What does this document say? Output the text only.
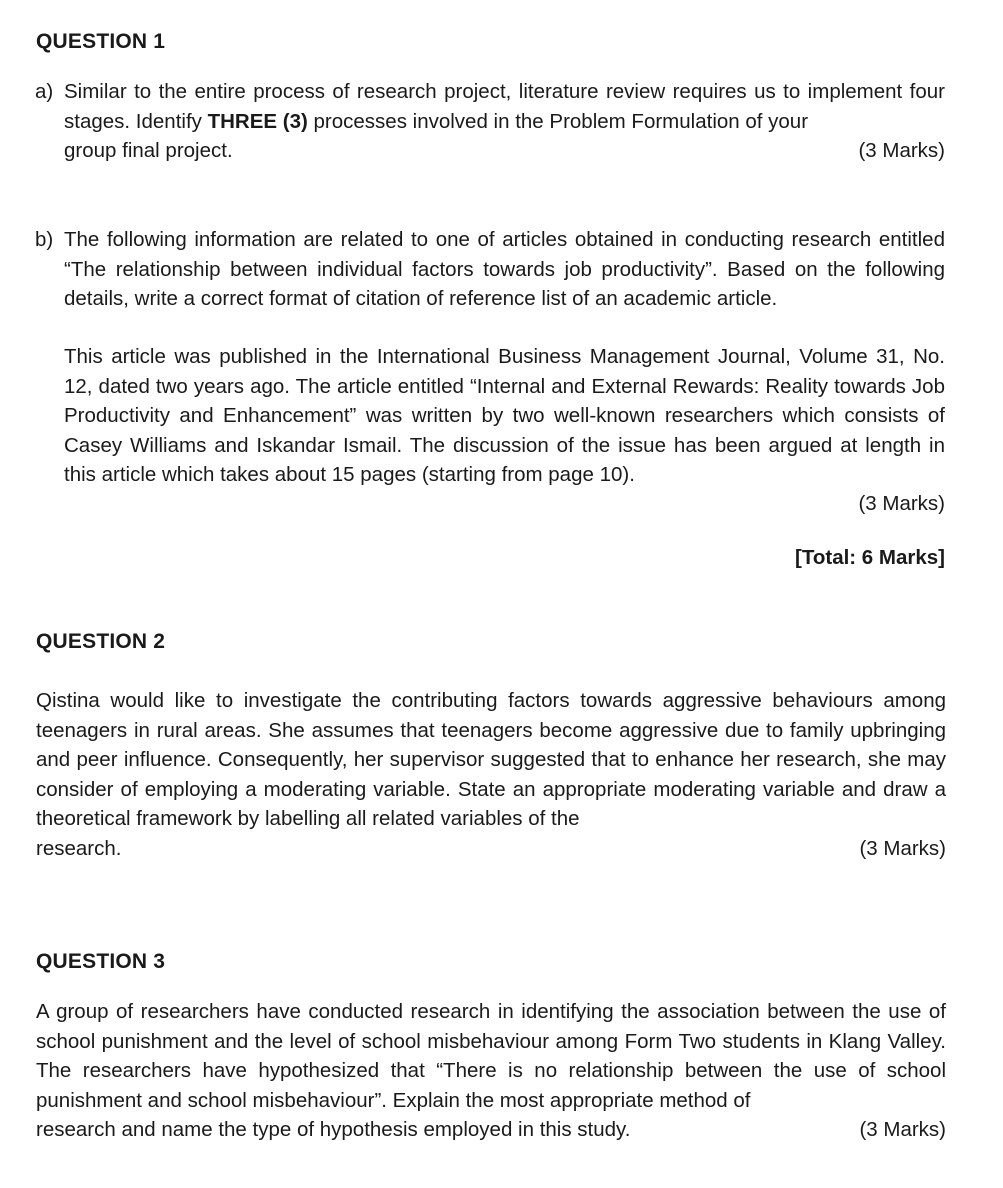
QUESTION 1
a) Similar to the entire process of research project, literature review requires us to implement four stages. Identify THREE (3) processes involved in the Problem Formulation of your

group final project.	(3 Marks)
b) The following information are related to one of articles obtained in conducting research entitled “The relationship between individual factors towards job productivity”. Based on the following details, write a correct format of citation of reference list of an academic article.

This article was published in the International Business Management Journal, Volume 31, No. 12, dated two years ago. The article entitled “Internal and External Rewards: Reality towards Job Productivity and Enhancement” was written by two well-known researchers which consists of Casey Williams and Iskandar Ismail. The discussion of the issue has been argued at length in this article which takes about 15 pages (starting from page 10).

(3 Marks)
[Total: 6 Marks]
QUESTION 2

Qistina would like to investigate the contributing factors towards aggressive behaviours among teenagers in rural areas. She assumes that teenagers become aggressive due to family upbringing and peer influence. Consequently, her supervisor suggested that to enhance her research, she may consider of employing a moderating variable. State an appropriate moderating variable and draw a theoretical framework by labelling all related variables of the

research.	(3 Marks)
QUESTION 3

A group of researchers have conducted research in identifying the association between the use of school punishment and the level of school misbehaviour among Form Two students in Klang Valley. The researchers have hypothesized that “There is no relationship between the use of school punishment and school misbehaviour”. Explain the most appropriate method of

research and name the type of hypothesis employed in this study.	(3 Marks)
